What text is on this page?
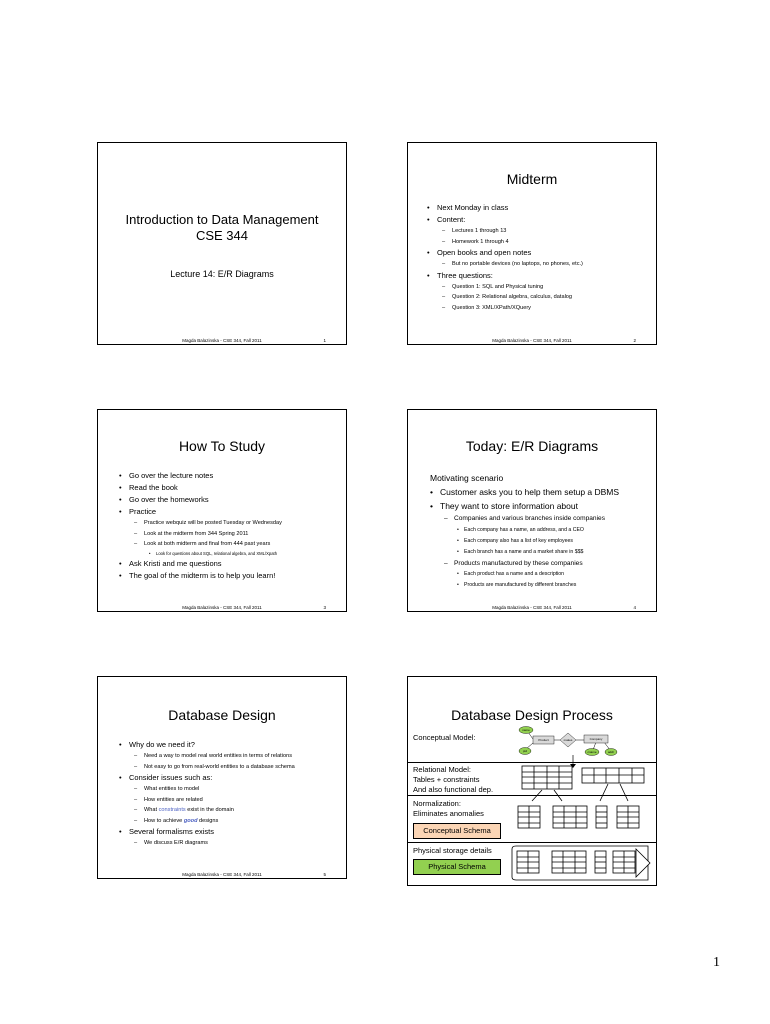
Introduction to Data Management
CSE 344
Lecture 14: E/R Diagrams
Magda Balazinska - CSE 344, Fall 2011	1
Midterm
• Next Monday in class
• Content:
– Lectures 1 through 13
– Homework 1 through 4
• Open books and open notes
– But no portable devices (no laptops, no phones, etc.)
• Three questions:
– Question 1: SQL and Physical tuning
– Question 2: Relational algebra, calculus, datalog
– Question 3: XML/XPath/XQuery
Magda Balazinska - CSE 344, Fall 2011	2
How To Study
• Go over the lecture notes
• Read the book
• Go over the homeworks
• Practice
– Practice webquiz will be posted Tuesday or Wednesday
– Look at the midterm from 344 Spring 2011
– Look at both midterm and final from 444 past years
• Look for questions about SQL, relational algebra, and XML/Xpath
• Ask Kristi and me questions
• The goal of the midterm is to help you learn!
Magda Balazinska - CSE 344, Fall 2011	3
Today: E/R Diagrams
Motivating scenario
• Customer asks you to help them setup a DBMS
• They want to store information about
– Companies and various branches inside companies
• Each company has a name, an address, and a CEO
• Each company also has a list of key employees
• Each branch has a name and a market share in $$$
– Products manufactured by these companies
• Each product has a name and a description
• Products are manufactured by different branches
Magda Balazinska - CSE 344, Fall 2011	4
Database Design
• Why do we need it?
– Need a way to model real world entities in terms of relations
– Not easy to go from real-world entities to a database schema
• Consider issues such as:
– What entities to model
– How entities are related
– What constraints exist in the domain
– How to achieve good designs
• Several formalisms exists
– We discuss E/R diagrams
Magda Balazinska - CSE 344, Fall 2011	5
Database Design Process
Conceptual Model:
name
pid
Product	makes	Company
cname	addr
Relational Model:
Tables + constraints
And also functional dep.
Normalization:
Eliminates anomalies
Conceptual Schema
Physical storage details
Physical Schema
1
